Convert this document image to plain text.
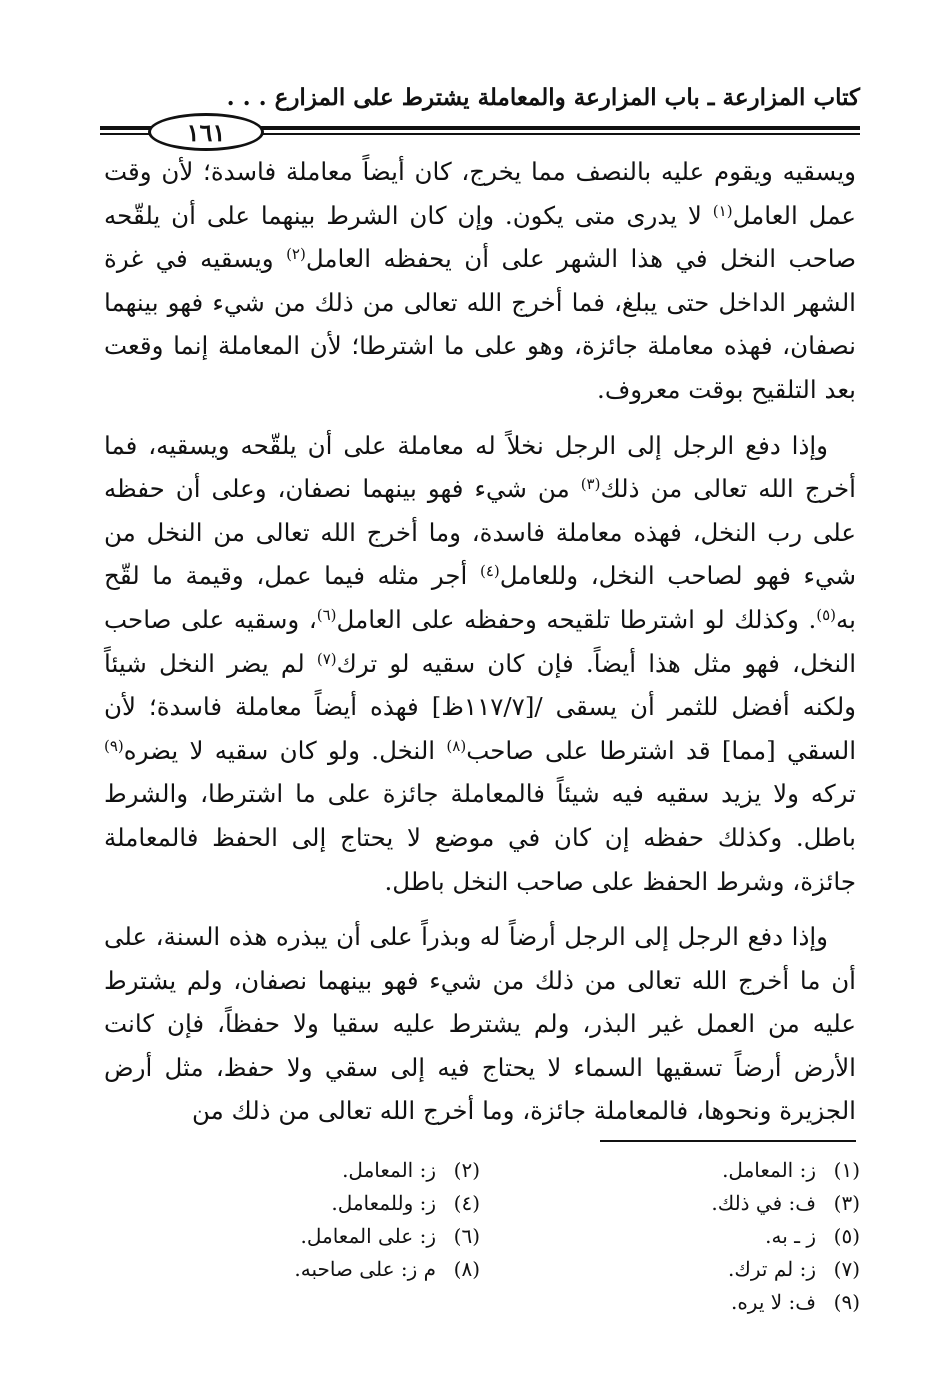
كتاب المزارعة ـ باب المزارعة والمعاملة يشترط على المزارع . . .
١٦١

ويسقيه ويقوم عليه بالنصف مما يخرج، كان أيضاً معاملة فاسدة؛ لأن وقت عمل العامل$^{(١)}$ لا يدرى متى يكون. وإن كان الشرط بينهما على أن يلقّحه صاحب النخل في هذا الشهر على أن يحفظه العامل$^{(٢)}$ ويسقيه في غرة الشهر الداخل حتى يبلغ، فما أخرج الله تعالى من ذلك من شيء فهو بينهما نصفان، فهذه معاملة جائزة، وهو على ما اشترطا؛ لأن المعاملة إنما وقعت بعد التلقيح بوقت معروف.

وإذا دفع الرجل إلى الرجل نخلاً له معاملة على أن يلقّحه ويسقيه، فما أخرج الله تعالى من ذلك$^{(٣)}$ من شيء فهو بينهما نصفان، وعلى أن حفظه على رب النخل، فهذه معاملة فاسدة، وما أخرج الله تعالى من النخل من شيء فهو لصاحب النخل، وللعامل$^{(٤)}$ أجر مثله فيما عمل، وقيمة ما لقّح به$^{(٥)}$. وكذلك لو اشترطا تلقيحه وحفظه على العامل$^{(٦)}$، وسقيه على صاحب النخل، فهو مثل هذا أيضاً. فإن كان سقيه لو ترك$^{(٧)}$ لم يضر النخل شيئاً ولكنه أفضل للثمر أن يسقى /[١١٧/٧ظ] فهذه أيضاً معاملة فاسدة؛ لأن السقي [مما] قد اشترطا على صاحب$^{(٨)}$ النخل. ولو كان سقيه لا يضره$^{(٩)}$ تركه ولا يزيد سقيه فيه شيئاً فالمعاملة جائزة على ما اشترطا، والشرط باطل. وكذلك حفظه إن كان في موضع لا يحتاج إلى الحفظ فالمعاملة جائزة، وشرط الحفظ على صاحب النخل باطل.

وإذا دفع الرجل إلى الرجل أرضاً له وبذراً على أن يبذره هذه السنة، على أن ما أخرج الله تعالى من ذلك من شيء فهو بينهما نصفان، ولم يشترط عليه من العمل غير البذر، ولم يشترط عليه سقيا ولا حفظاً، فإن كانت الأرض أرضاً تسقيها السماء لا يحتاج فيه إلى سقي ولا حفظ، مثل أرض الجزيرة ونحوها، فالمعاملة جائزة، وما أخرج الله تعالى من ذلك من

(١)ز: المعامل.
(٢)ز: المعامل.
(٣)ف: في ذلك.
(٤)ز: وللمعامل.
(٥)ز ـ به.
(٦)ز: على المعامل.
(٧)ز: لم ترك.
(٨)م ز: على صاحبه.
(٩)ف: لا يره.
